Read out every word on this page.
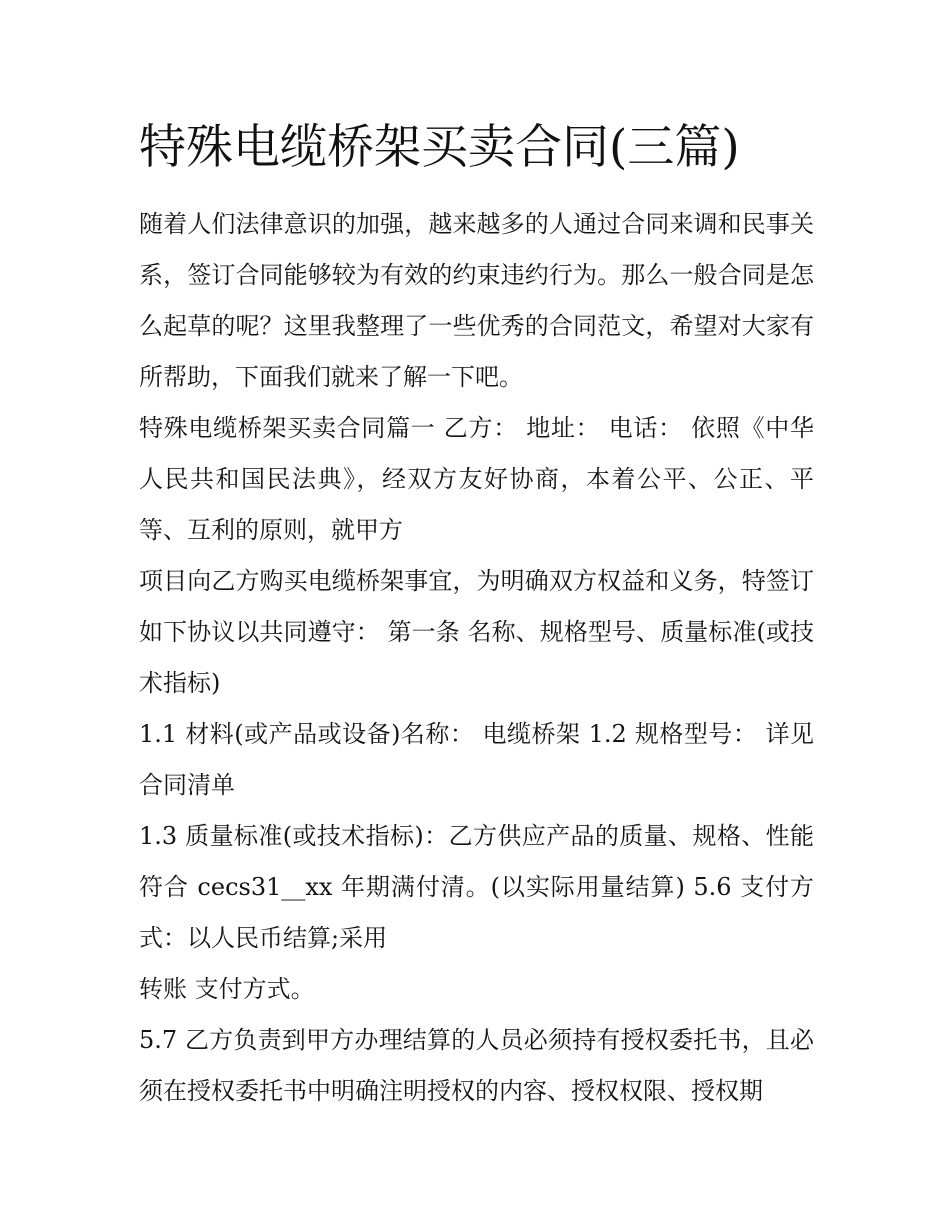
特殊电缆桥架买卖合同(三篇)

随着人们法律意识的加强，越来越多的人通过合同来调和民事关系，签订合同能够较为有效的约束违约行为。那么一般合同是怎么起草的呢？这里我整理了一些优秀的合同范文，希望对大家有所帮助，下面我们就来了解一下吧。

特殊电缆桥架买卖合同篇一 乙方： 地址： 电话： 依照《中华人民共和国民法典》，经双方友好协商，本着公平、公正、平等、互利的原则，就甲方

项目向乙方购买电缆桥架事宜，为明确双方权益和义务，特签订如下协议以共同遵守： 第一条 名称、规格型号、质量标准(或技术指标)

1.1 材料(或产品或设备)名称： 电缆桥架 1.2 规格型号： 详见合同清单

1.3 质量标准(或技术指标)：乙方供应产品的质量、规格、性能符合 cecs31__xx 年期满付清。(以实际用量结算) 5.6 支付方式：以人民币结算;采用

转账 支付方式。

5.7 乙方负责到甲方办理结算的人员必须持有授权委托书，且必须在授权委托书中明确注明授权的内容、授权权限、授权期
